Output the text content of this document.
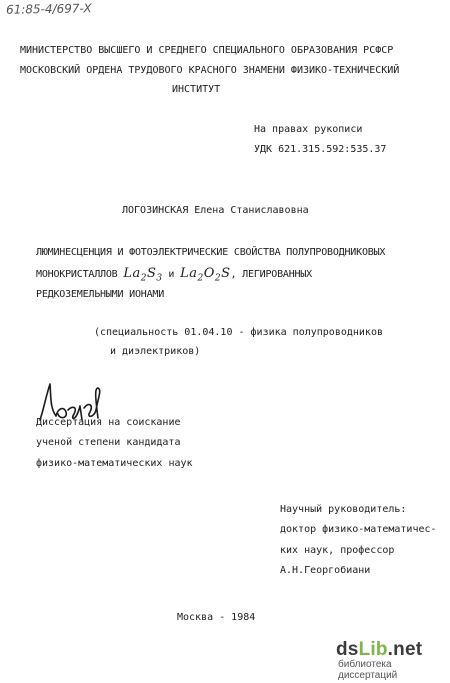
61:85-4/697-X
МИНИСТЕРСТВО ВЫСШЕГО И СРЕДНЕГО СПЕЦИАЛЬНОГО ОБРАЗОВАНИЯ РСФСР
МОСКОВСКИЙ ОРДЕНА ТРУДОВОГО КРАСНОГО ЗНАМЕНИ ФИЗИКО-ТЕХНИЧЕСКИЙ
ИНСТИТУТ
На правах рукописи
УДК 621.315.592:535.37
ЛОГОЗИНСКАЯ Елена Станиславовна
ЛЮМИНЕСЦЕНЦИЯ И ФОТОЭЛЕКТРИЧЕСКИЕ СВОЙСТВА ПОЛУПРОВОДНИКОВЫХ
МОНОКРИСТАЛЛОВ $La_2S_3$ и $La_2O_2S$, ЛЕГИРОВАННЫХ
РЕДКОЗЕМЕЛЬНЫМИ ИОНАМИ
(специальность 01.04.10 - физика полупроводников
и диэлектриков)
Диссертация на соискание
ученой степени кандидата
физико-математических наук
Научный руководитель:
доктор физико-математичес-
ких наук, профессор
А.Н.Георгобиани
Москва - 1984
dsLib.net
библиотека диссертаций
